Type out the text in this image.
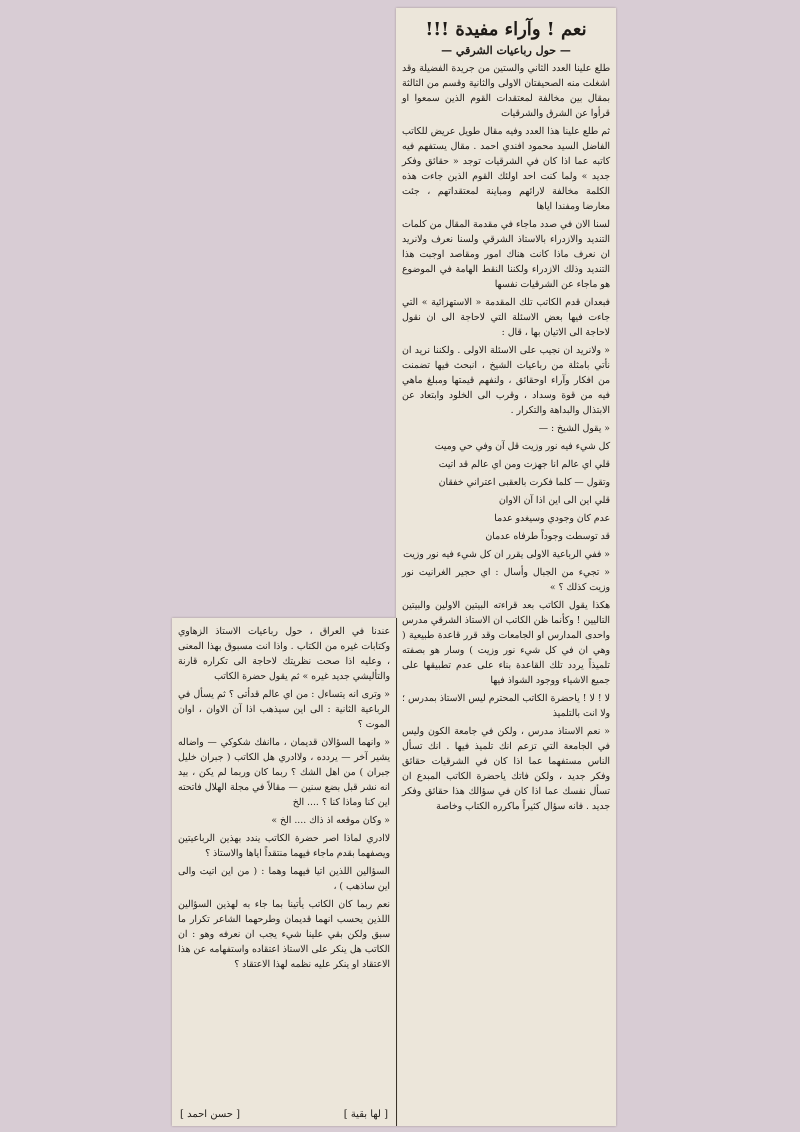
نعم ! وآراء مفيدة !!!
— حول رباعيات الشرقي —

طلع علينا العدد الثاني والستين من جريدة الفضيلة وقد اشغلت منه الصحيفتان الاولى والثانية وقسم من الثالثة بمقال بين مخالفة لمعتقدات القوم الذين سمعوا او قرأوا عن الشرق والشرقيات

ثم طلع علينا هذا العدد وفيه مقال طويل عريض للكاتب الفاضل السيد محمود افندي احمد . مقال يستفهم فيه كاتبه عما اذا كان في الشرقيات توجد « حقائق وفكر جديد » ولما كنت احد اولئك القوم الذين جاءت هذه الكلمة مخالفة لارائهم ومباينة لمعتقداتهم ، جئت معارضا ومفندا اياها

لسنا الان في صدد ماجاء في مقدمة المقال من كلمات التنديد والازدراء بالاستاذ الشرقي ولسنا نعرف ولانريد ان نعرف ماذا كانت هناك امور ومقاصد اوجبت هذا التنديد وذلك الازدراء ولكننا النقط الهامة في الموضوع هو ماجاء عن الشرقيات نفسها

فبعدان قدم الكاتب تلك المقدمة « الاستهزائية » التي جاءت فيها بعض الاسئلة التي لاحاجة الى ان نقول لاحاجة الى الاتيان بها ، قال :

« ولانريد ان نجيب على الاسئلة الاولى . ولكننا نريد ان نأتي بامثلة من رباعيات الشيخ ، انبحث فيها تضمنت من افكار وآراء اوحقائق ، ولنفهم قيمتها ومبلغ ماهي فيه من قوة وسداد ، وقرب الى الخلود وابتعاد عن الابتذال والبداهة والتكرار .

« يقول الشيخ : —

كل شيء فيه نور وزيت قل آن وفي حي وميت
قلي اي عالم انا جهزت ومن اي عالم قد اتيت
وتقول — كلما فكرت بالعقبى اعتراني خفقان
قلي اين الى اين اذا آن الاوان
عدم كان وجودي وسيغدو عدما
قد توسطت وجوداً طرفاه عدمان

« ففي الرباعية الاولى يقرر ان كل شيء فيه نور وزيت

« تجيء من الجبال وأسال : اي حجير الغرانيت نور وزيت كذلك ؟ »

هكذا يقول الكاتب بعد قراءته البيتين الاولين والبيتين التاليين ! وكأنما ظن الكاتب ان الاستاذ الشرقي مدرس واحدى المدارس او الجامعات وقد قرر قاعدة طبيعية ( وهي ان في كل شيء نور وزيت ) وسار هو بصفته تلميذاً يردد تلك القاعدة بناء على عدم تطبيقها على جميع الاشياء ووجود الشواذ فيها

لا ! لا ! ياحضرة الكاتب المحترم ليس الاستاذ بمدرس ؛ ولا انت بالتلميذ

« نعم الاستاذ مدرس ، ولكن في جامعة الكون وليس في الجامعة التي تزعم انك تلميذ فيها . انك تسأل الناس مستفهما عما اذا كان في الشرقيات حقائق وفكر جديد ، ولكن فاتك ياحضرة الكاتب المبدع ان تسأل نفسك عما اذا كان في سؤالك هذا حقائق وفكر جديد . فانه سؤال كثيراً ماكرره الكتاب وخاصة

عندنا في العراق ، حول رباعيات الاستاذ الزهاوي وكتابات غيره من الكتاب . واذا انت مسبوق بهذا المعنى ، وعليه اذا صحت نظريتك لاحاجة الى تكراره قارنة والتأليشي جديد غيره » ثم يقول حضرة الكاتب

« وترى انه يتساءل : من اي عالم قدأتى ؟ ثم يسأل في الرباعية الثانية : الى اين سيذهب اذا آن الاوان ، اوان الموت ؟

« وانهما السؤالان قديمان ، ماانفك شكوكي — واضاله يشير آخر — يردده ، ولاادري هل الكاتب ( جبران خليل جبران ) من اهل الشك ؟ ربما كان وربما لم يكن ، بيد انه نشر قبل بضع سنين — مقالاً في مجلة الهلال فاتحته اين كنا وماذا كنا ؟ .... الخ

« وكان موقعه اذ ذاك .... الخ »

لاادري لماذا اصر حضرة الكاتب يندد بهذين الرباعيتين ويصفهما بقدم ماجاء فيهما منتقداً اياها والاستاذ ؟

السؤالين اللذين اتيا فيهما وهما : ( من اين اتيت والى اين ساذهب ) ،

نعم ربما كان الكاتب يأتينا بما جاء به لهذين السؤالين اللذين يحسب انهما قديمان وطرحهما الشاعر تكرار ما سبق ولكن بقي علينا شيء يجب ان نعرفه وهو : ان الكاتب هل ينكر على الاستاذ اعتقاده واستفهامه عن هذا الاعتقاد او ينكر عليه نظمه لهذا الاعتقاد ؟

[ لها بقية ]
[ حسن احمد ]
